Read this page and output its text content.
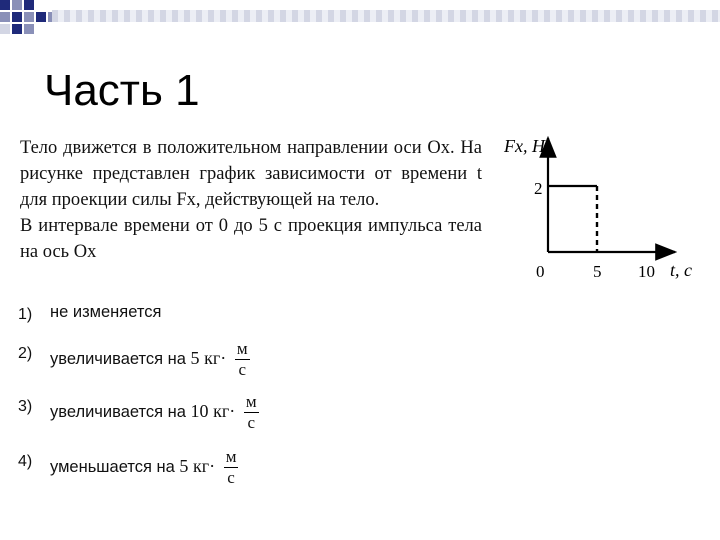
Часть 1

Тело движется в положительном направлении оси Ox. На рисунке представлен график зависимости от времени t для проекции силы Fx, действующей на тело.

В интервале времени от 0 до 5 с проекция импульса тела на ось Ox

Fx, Н
2
0	5 10 t, с
1) не изменяется
2) увеличивается на 5 $кг\cdot \frac{м}{с}$
3) увеличивается на 10 $кг\cdot \frac{м}{с}$
4) уменьшается на 5 $кг\cdot \frac{м}{с}$
